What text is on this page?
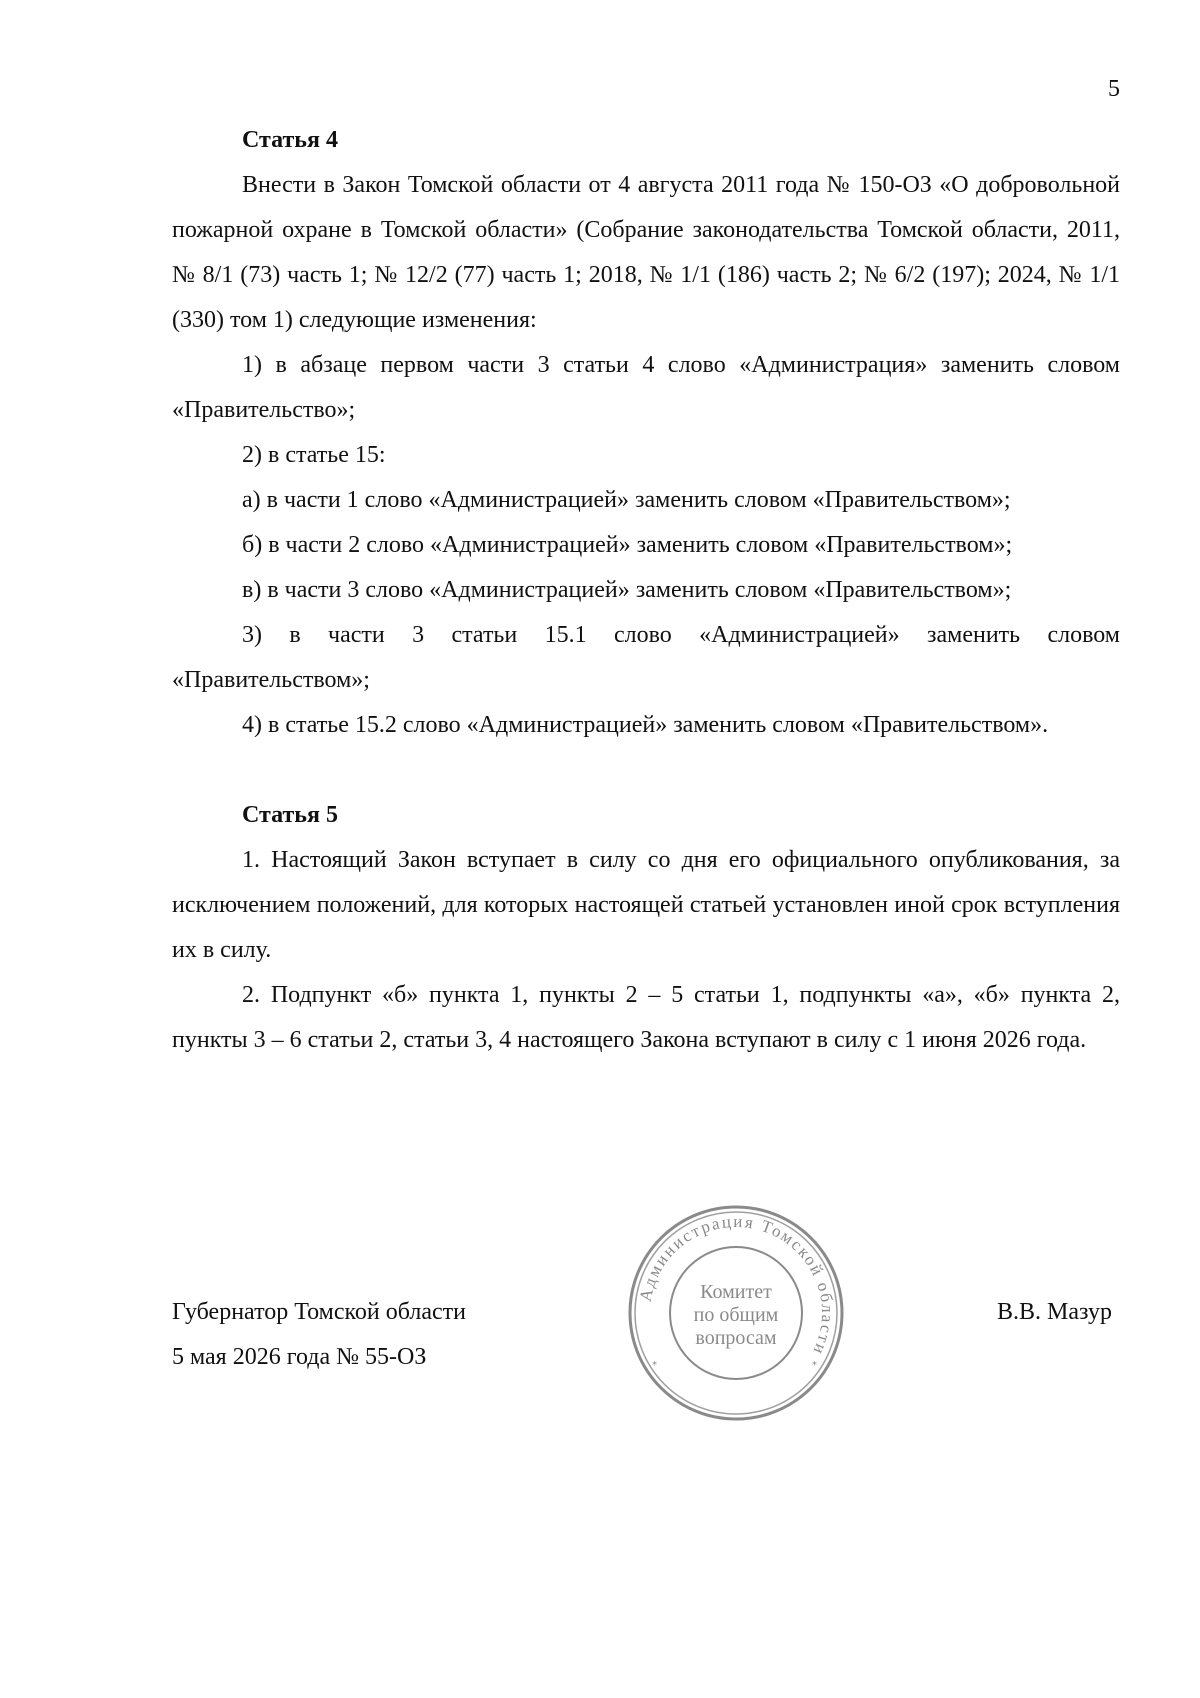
5

Статья 4

Внести в Закон Томской области от 4 августа 2011 года № 150-ОЗ «О добровольной пожарной охране в Томской области» (Собрание законодательства Томской области, 2011, № 8/1 (73) часть 1; № 12/2 (77) часть 1; 2018, № 1/1 (186) часть 2; № 6/2 (197); 2024, № 1/1 (330) том 1) следующие изменения:

1) в абзаце первом части 3 статьи 4 слово «Администрация» заменить словом «Правительство»;

2) в статье 15:

а) в части 1 слово «Администрацией» заменить словом «Правительством»;

б) в части 2 слово «Администрацией» заменить словом «Правительством»;

в) в части 3 слово «Администрацией» заменить словом «Правительством»;

3) в части 3 статьи 15.1 слово «Администрацией» заменить словом «Правительством»;

4) в статье 15.2 слово «Администрацией» заменить словом «Правительством».

Статья 5

1. Настоящий Закон вступает в силу со дня его официального опубликования, за исключением положений, для которых настоящей статьей установлен иной срок вступления их в силу.

2. Подпункт «б» пункта 1, пункты 2 – 5 статьи 1, подпункты «а», «б» пункта 2, пункты 3 – 6 статьи 2, статьи 3, 4 настоящего Закона вступают в силу с 1 июня 2026 года.

Губернатор Томской области
5 мая 2026 года № 55-ОЗ
В.В. Мазур
Администрация Томской области
Комитет
по общим
вопросам
*	*
